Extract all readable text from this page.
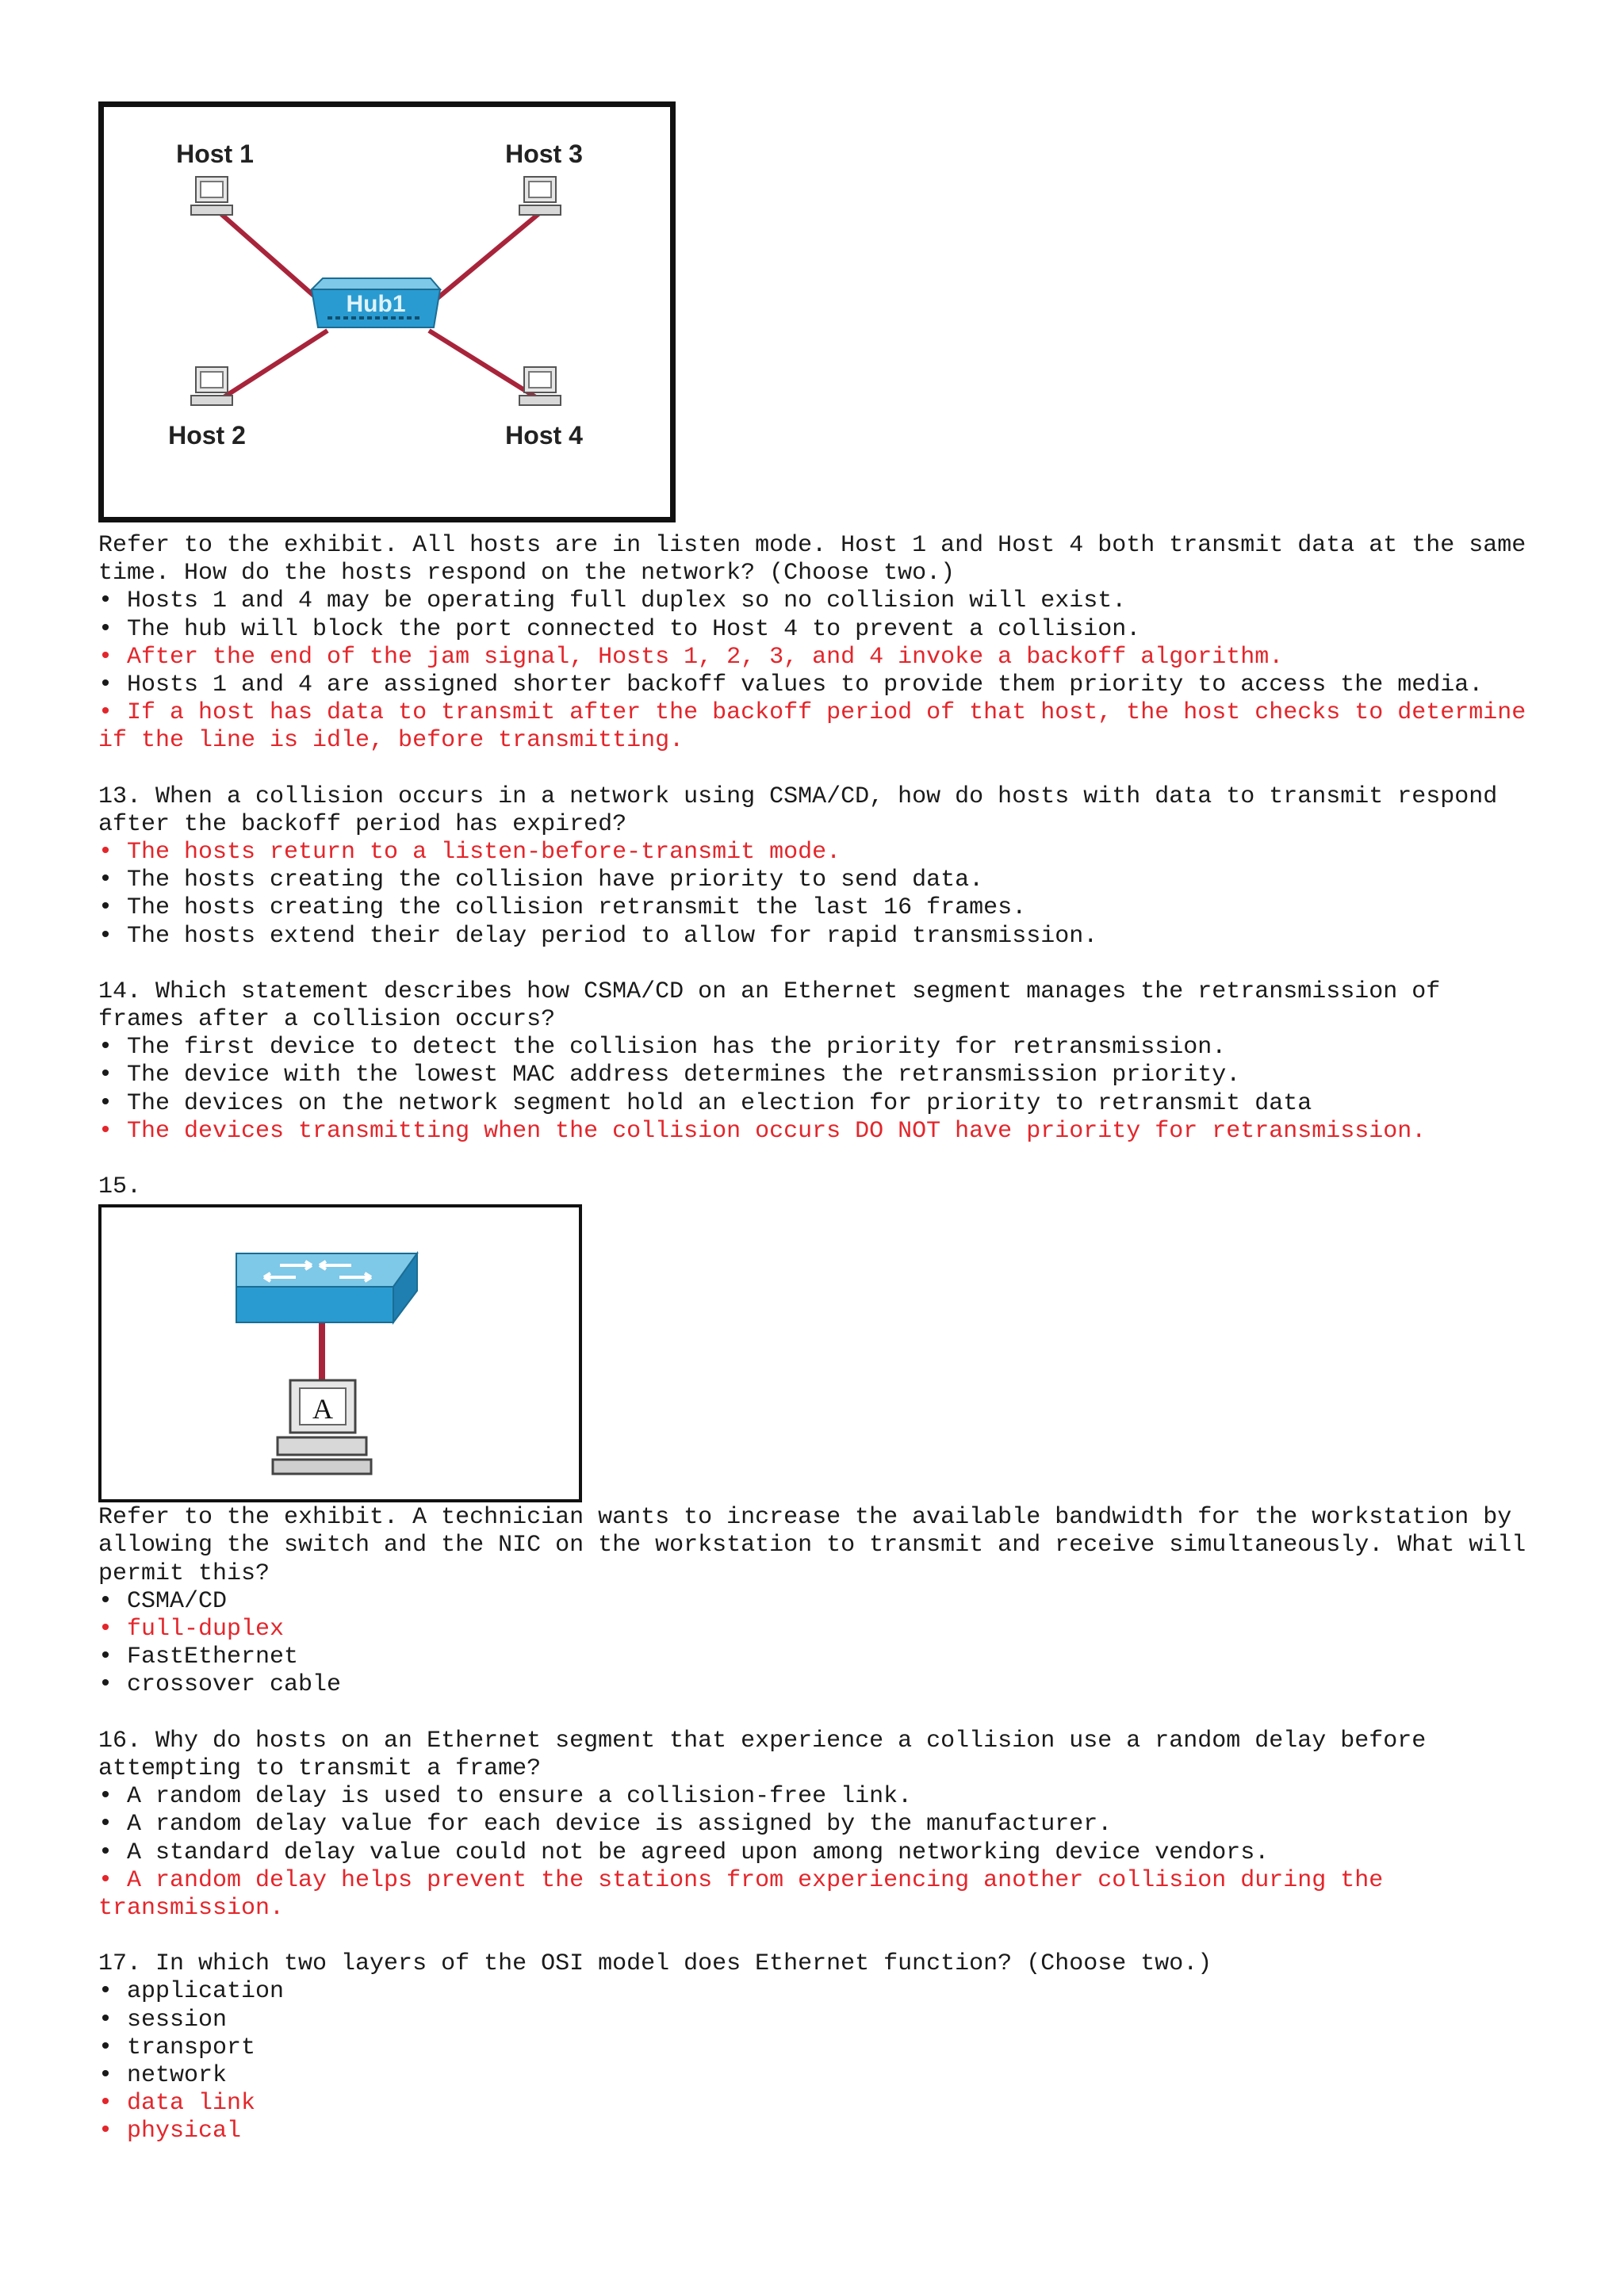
Hub1
Host 1	Host 3
Host 2	Host 4
Refer to the exhibit. All hosts are in listen mode. Host 1 and Host 4 both transmit data at the same time. How do the hosts respond on the network? (Choose two.)
• Hosts 1 and 4 may be operating full duplex so no collision will exist.
• The hub will block the port connected to Host 4 to prevent a collision.
• After the end of the jam signal, Hosts 1, 2, 3, and 4 invoke a backoff algorithm.
• Hosts 1 and 4 are assigned shorter backoff values to provide them priority to access the media.
• If a host has data to transmit after the backoff period of that host, the host checks to determine if the line is idle, before transmitting.
13. When a collision occurs in a network using CSMA/CD, how do hosts with data to transmit respond after the backoff period has expired?
• The hosts return to a listen-before-transmit mode.
• The hosts creating the collision have priority to send data.
• The hosts creating the collision retransmit the last 16 frames.
• The hosts extend their delay period to allow for rapid transmission.
14. Which statement describes how CSMA/CD on an Ethernet segment manages the retransmission of frames after a collision occurs?
• The first device to detect the collision has the priority for retransmission.
• The device with the lowest MAC address determines the retransmission priority.
• The devices on the network segment hold an election for priority to retransmit data
• The devices transmitting when the collision occurs DO NOT have priority for retransmission.
15.
A
Refer to the exhibit. A technician wants to increase the available bandwidth for the workstation by allowing the switch and the NIC on the workstation to transmit and receive simultaneously. What will permit this?
• CSMA/CD
• full-duplex
• FastEthernet
• crossover cable
16. Why do hosts on an Ethernet segment that experience a collision use a random delay before attempting to transmit a frame?
• A random delay is used to ensure a collision-free link.
• A random delay value for each device is assigned by the manufacturer.
• A standard delay value could not be agreed upon among networking device vendors.
• A random delay helps prevent the stations from experiencing another collision during the transmission.
17. In which two layers of the OSI model does Ethernet function? (Choose two.)
• application
• session
• transport
• network
• data link
• physical
